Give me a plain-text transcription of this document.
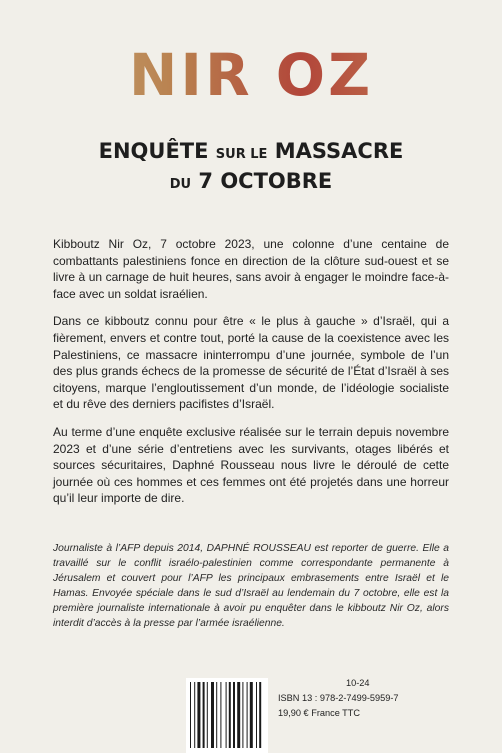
NIR OZ
ENQUÊTE SUR LE MASSACRE
DU 7 OCTOBRE

Kibboutz Nir Oz, 7 octobre 2023, une colonne d’une centaine de combattants palestiniens fonce en direction de la clôture sud-ouest et se livre à un carnage de huit heures, sans avoir à engager le moindre face-à-face avec un soldat israélien.

Dans ce kibboutz connu pour être « le plus à gauche » d’Israël, qui a fièrement, envers et contre tout, porté la cause de la coexistence avec les Palestiniens, ce massacre ininterrompu d’une journée, symbole de l’un des plus grands échecs de la promesse de sécurité de l’État d’Israël à ses citoyens, marque l’engloutissement d’un monde, de l’idéologie socialiste et du rêve des derniers pacifistes d’Israël.

Au terme d’une enquête exclusive réalisée sur le terrain depuis novembre 2023 et d’une série d’entretiens avec les survivants, otages libérés et sources sécuritaires, Daphné Rousseau nous livre le déroulé de cette journée où ces hommes et ces femmes ont été projetés dans une horreur qu’il leur importe de dire.

Journaliste à l’AFP depuis 2014, DAPHNÉ ROUSSEAU est reporter de guerre. Elle a travaillé sur le conflit israélo-palestinien comme correspondante permanente à Jérusalem et couvert pour l’AFP les principaux embrasements entre Israël et le Hamas. Envoyée spéciale dans le sud d’Israël au lendemain du 7 octobre, elle est la première journaliste internationale à avoir pu enquêter dans le kibboutz Nir Oz, alors interdit d’accès à la presse par l’armée israélienne.

10-24
ISBN 13 : 978-2-7499-5959-7
19,90 € France TTC
